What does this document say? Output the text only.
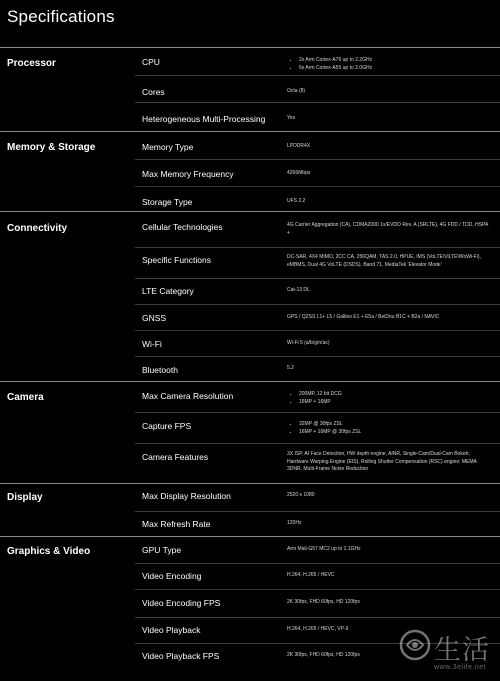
Specifications
Processor	CPU	• 2x Arm Cortex-A76 up to 2.2GHz
• 6x Arm Cortex-A55 up to 2.0GHz
Cores	Octa (8)
Heterogeneous Multi-Processing	Yes
Memory & Storage	Memory Type	LPDDR4X
Max Memory Frequency	4266Mbps
Storage Type	UFS 2.2
Connectivity	Cellular Technologies	4G Carrier Aggregation (CA), CDMA2000 1x/EVDO Rev. A (SRLTE), 4G FDD / TDD, HSPA +
Specific Functions	DC-SAR, 4X4 MIMO, 2CC CA, 256QAM, TAS 2.0, HPUE, IMS (VoLTE\ViLTE\WoWi-Fi), eMBMS, Dual 4G VoLTE (DSDS), Band 71, MediaTek 'Elevator Mode'
LTE Category	Cat-13 DL
GNSS	GPS / QZSS L1+ L5 / Galileo E1 + E5a / BeiDou B1C + B2a / NAVIC
Wi-Fi	Wi-Fi 5 (a/b/g/n/ac)
Bluetooth	5.2
Camera	Max Camera Resolution	• 200MP, 12 bit DCG
• 16MP + 16MP
Capture FPS	• 32MP @ 30fps ZSL
• 16MP + 16MP @ 30fps ZSL
Camera Features	3X ISP, AI Face Detection, HW depth engine, AINR, Single-Cam/Dual-Cam Bokeh; Hardware Warping Engine (EIS), Rolling Shutter Compensation (RSC) engine; MEMA 3DNR, Multi-Frame Noise Reduction
Display	Max Display Resolution	2520 x 1080
Max Refresh Rate	120Hz
Graphics & Video	GPU Type	Arm Mali-G57 MC2 up to 1.1GHz
Video Encoding	H.264, H.265 / HEVC
Video Encoding FPS	2K 30fps, FHD 60fps, HD 120fps
Video Playback	H.264, H.265 / HEVC, VP-9
Video Playback FPS	2K 30fps, FHD 60fps, HD 120fps	生活
www.3elife.net
